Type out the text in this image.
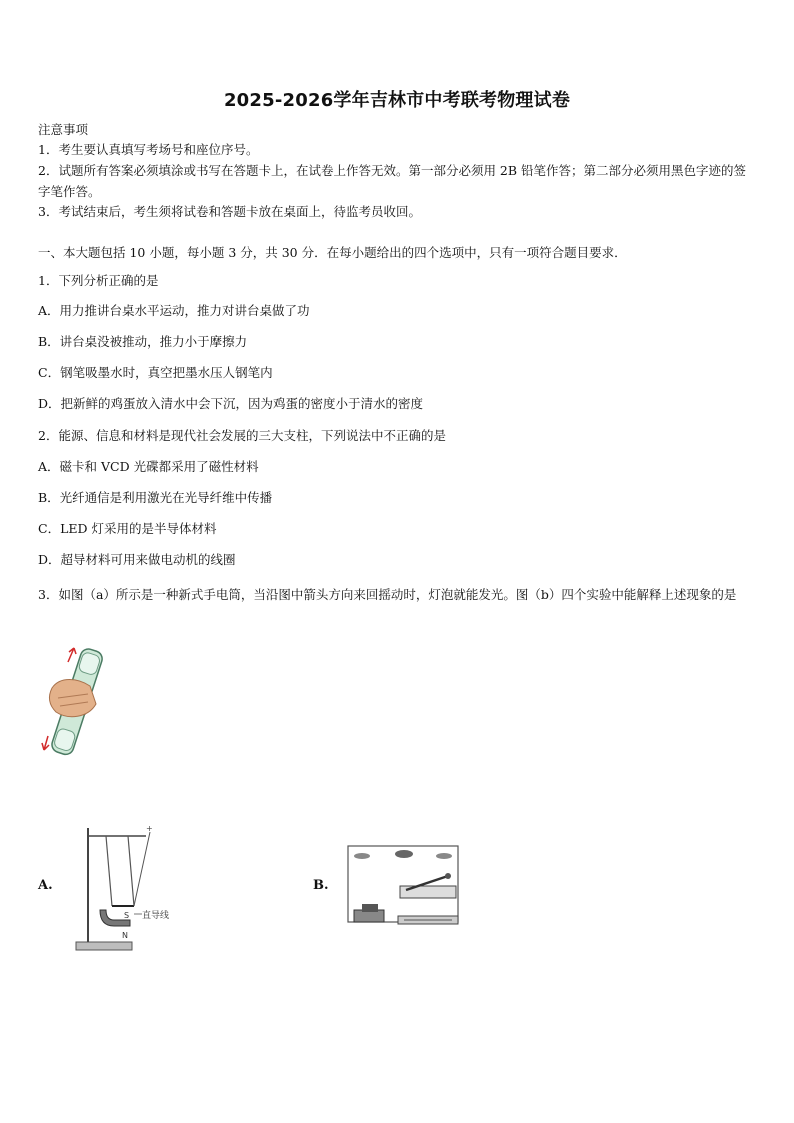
2025-2026学年吉林市中考联考物理试卷
注意事项
1．考生要认真填写考场号和座位序号。
2．试题所有答案必须填涂或书写在答题卡上，在试卷上作答无效。第一部分必须用 2B 铅笔作答；第二部分必须用黑色字迹的签字笔作答。
3．考试结束后，考生须将试卷和答题卡放在桌面上，待监考员收回。
一、本大题包括 10 小题，每小题 3 分，共 30 分．在每小题给出的四个选项中，只有一项符合题目要求．
1．下列分析正确的是
A．用力推讲台桌水平运动，推力对讲台桌做了功
B．讲台桌没被推动，推力小于摩擦力
C．钢笔吸墨水时，真空把墨水压人钢笔内
D．把新鲜的鸡蛋放入清水中会下沉，因为鸡蛋的密度小于清水的密度
2．能源、信息和材料是现代社会发展的三大支柱，下列说法中不正确的是
A．磁卡和 VCD 光碟都采用了磁性材料
B．光纤通信是利用激光在光导纤维中传播
C．LED 灯采用的是半导体材料
D．超导材料可用来做电动机的线圈
3．如图（a）所示是一种新式手电筒，当沿图中箭头方向来回摇动时，灯泡就能发光。图（b）四个实验中能解释上述现象的是
A.
+
S
N
直导线
B.
